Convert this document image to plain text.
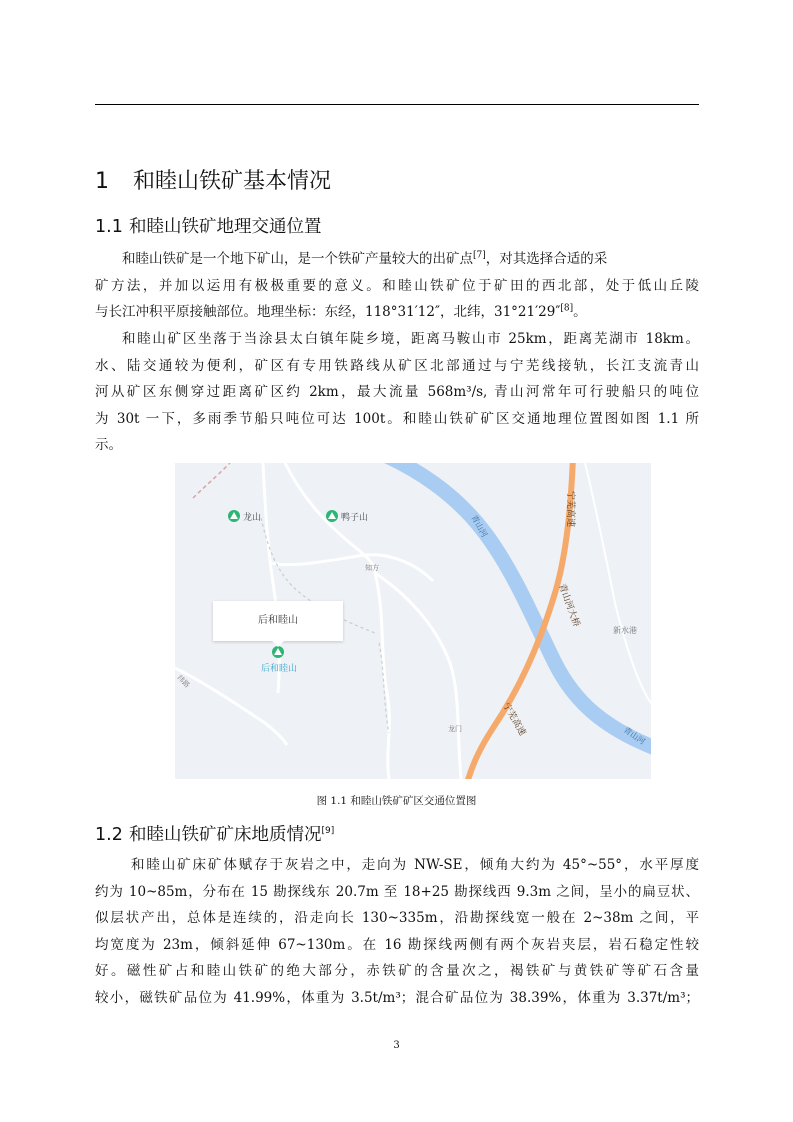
1 和睦山铁矿基本情况
1.1 和睦山铁矿地理交通位置
和睦山铁矿是一个地下矿山，是一个铁矿产量较大的出矿点[7]，对其选择合适的采
矿方法，并加以运用有极极重要的意义。和睦山铁矿位于矿田的西北部，处于低山丘陵
与长江冲积平原接触部位。地理坐标：东经，118°31′12″，北纬，31°21′29″[8]。
和睦山矿区坐落于当涂县太白镇年陡乡境，距离马鞍山市 25km，距离芜湖市 18km。
水、陆交通较为便利，矿区有专用铁路线从矿区北部通过与宁芜线接轨，长江支流青山
河从矿区东侧穿过距离矿区约 2km，最大流量 568m³/s, 青山河常年可行驶船只的吨位
为 30t 一下，多雨季节船只吨位可达 100t。和睦山铁矿矿区交通地理位置图如图 1.1 所
示。
龙山	鸭子山
后和睦山
知方
龙门
新水港
宁芜高速
宁芜高速
青山河
青山河
青山河大桥
纬路
后和睦山
图 1.1 和睦山铁矿矿区交通位置图
1.2 和睦山铁矿矿床地质情况[9]
和睦山矿床矿体赋存于灰岩之中，走向为 NW-SE，倾角大约为 45°~55°，水平厚度
约为 10~85m，分布在 15 勘探线东 20.7m 至 18+25 勘探线西 9.3m 之间，呈小的扁豆状、
似层状产出，总体是连续的，沿走向长 130~335m，沿勘探线宽一般在 2~38m 之间，平
均宽度为 23m，倾斜延伸 67~130m。在 16 勘探线两侧有两个灰岩夹层，岩石稳定性较
好。磁性矿占和睦山铁矿的绝大部分，赤铁矿的含量次之，褐铁矿与黄铁矿等矿石含量
较小，磁铁矿品位为 41.99%，体重为 3.5t/m³；混合矿品位为 38.39%，体重为 3.37t/m³；
3
